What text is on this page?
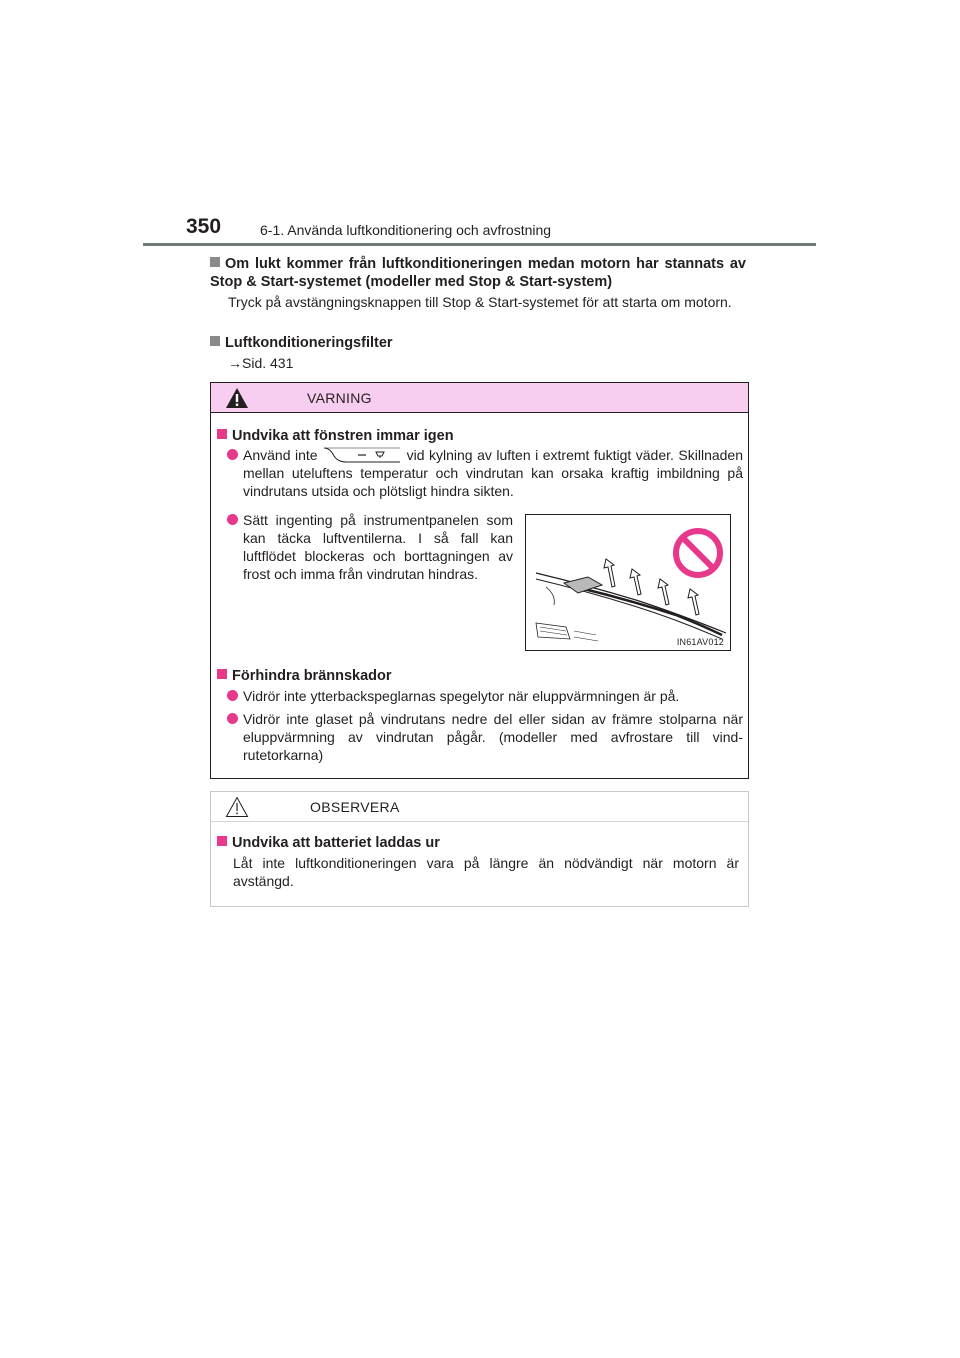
350	6-1. Använda luftkonditionering och avfrostning
Om lukt kommer från luftkonditioneringen medan motorn har stannats av Stop & Start-systemet (modeller med Stop & Start-system)
Tryck på avstängningsknappen till Stop & Start-systemet för att starta om motorn.
Luftkonditioneringsfilter
→Sid. 431
VARNING
Undvika att fönstren immar igen
Använd inte	vid kylning av luften i extremt fuktigt väder. Skillnaden mellan uteluftens temperatur och vindrutan kan orsaka kraftig imbildning på vindrutans utsida och plötsligt hindra sikten.
Sätt ingenting på instrumentpanelen som kan täcka luftventilerna. I så fall kan luftflödet blockeras och borttagningen av frost och imma från vindrutan hindras.
IN61AV012
Förhindra brännskador
Vidrör inte ytterbackspeglarnas spegelytor när eluppvärmningen är på.
Vidrör inte glaset på vindrutans nedre del eller sidan av främre stolparna när eluppvärmning av vindrutan pågår. (modeller med avfrostare till vindrutetorkarna)
OBSERVERA
Undvika att batteriet laddas ur
Låt inte luftkonditioneringen vara på längre än nödvändigt när motorn är avstängd.
